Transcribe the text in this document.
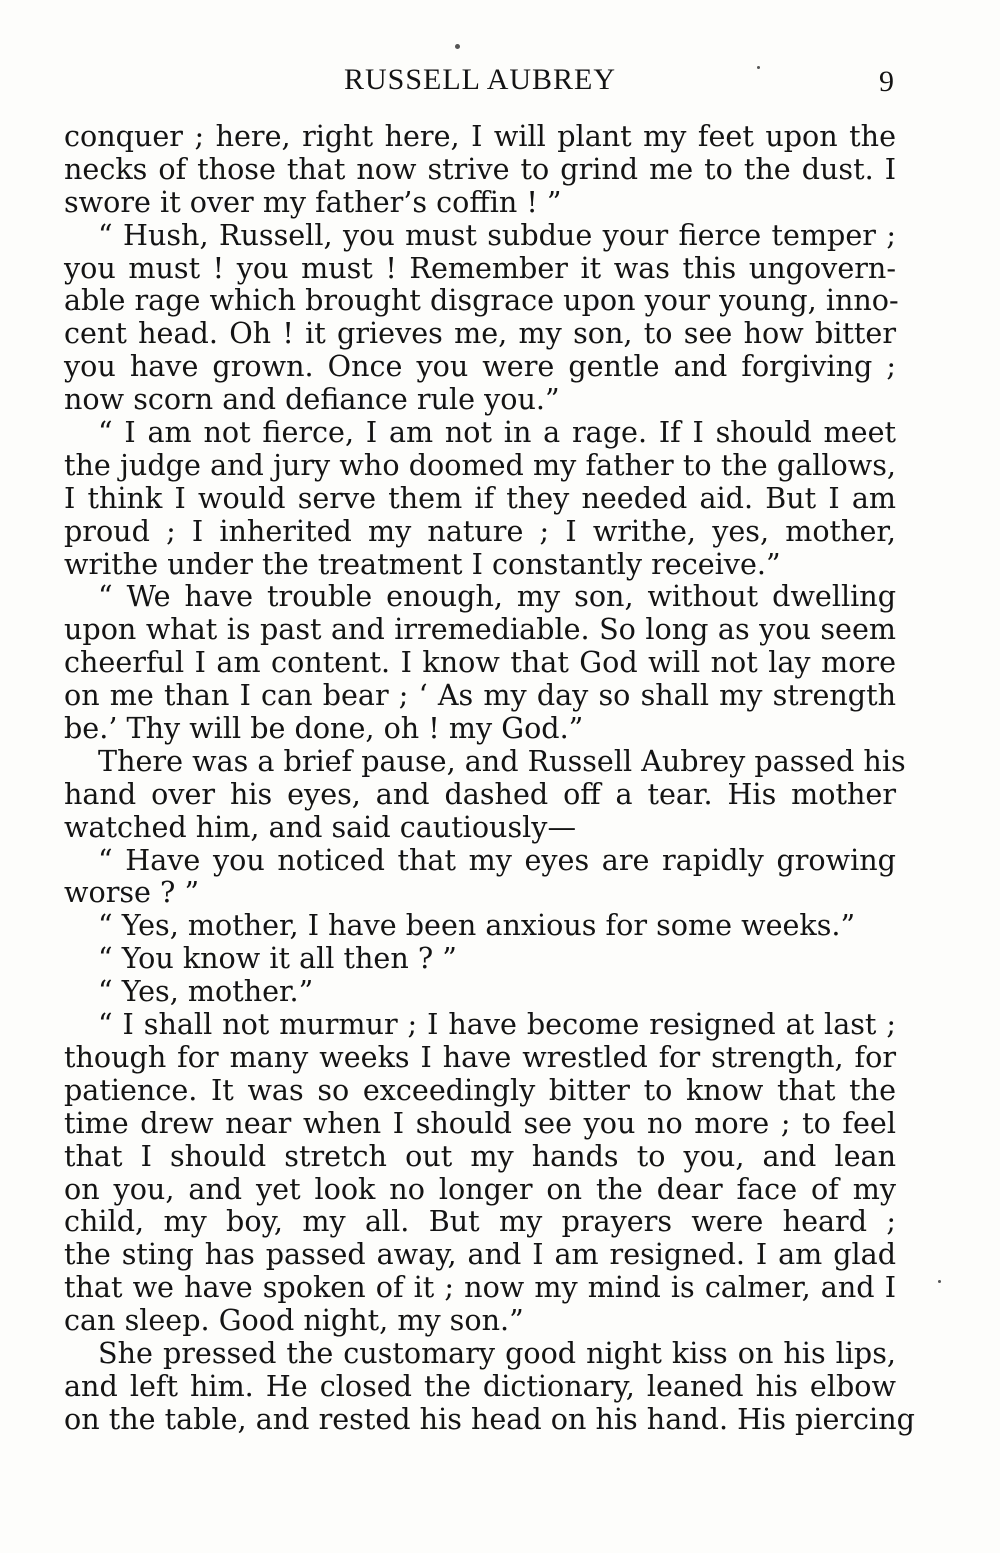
RUSSELL AUBREY	9
conquer ; here, right here, I will plant my feet upon the
necks of those that now strive to grind me to the dust. I
swore it over my father’s coffin ! ”
“ Hush, Russell, you must subdue your fierce temper ;
you must ! you must ! Remember it was this ungovern-
able rage which brought disgrace upon your young, inno-
cent head. Oh ! it grieves me, my son, to see how bitter
you have grown. Once you were gentle and forgiving ;
now scorn and defiance rule you.”
“ I am not fierce, I am not in a rage. If I should meet
the judge and jury who doomed my father to the gallows,
I think I would serve them if they needed aid. But I am
proud ; I inherited my nature ; I writhe, yes, mother,
writhe under the treatment I constantly receive.”
“ We have trouble enough, my son, without dwelling
upon what is past and irremediable. So long as you seem
cheerful I am content. I know that God will not lay more
on me than I can bear ; ‘ As my day so shall my strength
be.’ Thy will be done, oh ! my God.”
There was a brief pause, and Russell Aubrey passed his
hand over his eyes, and dashed off a tear. His mother
watched him, and said cautiously—
“ Have you noticed that my eyes are rapidly growing
worse ? ”
“ Yes, mother, I have been anxious for some weeks.”
“ You know it all then ? ”
“ Yes, mother.”
“ I shall not murmur ; I have become resigned at last ;
though for many weeks I have wrestled for strength, for
patience. It was so exceedingly bitter to know that the
time drew near when I should see you no more ; to feel
that I should stretch out my hands to you, and lean
on you, and yet look no longer on the dear face of my
child, my boy, my all. But my prayers were heard ;
the sting has passed away, and I am resigned. I am glad
that we have spoken of it ; now my mind is calmer, and I
can sleep. Good night, my son.”
She pressed the customary good night kiss on his lips,
and left him. He closed the dictionary, leaned his elbow
on the table, and rested his head on his hand. His piercing
